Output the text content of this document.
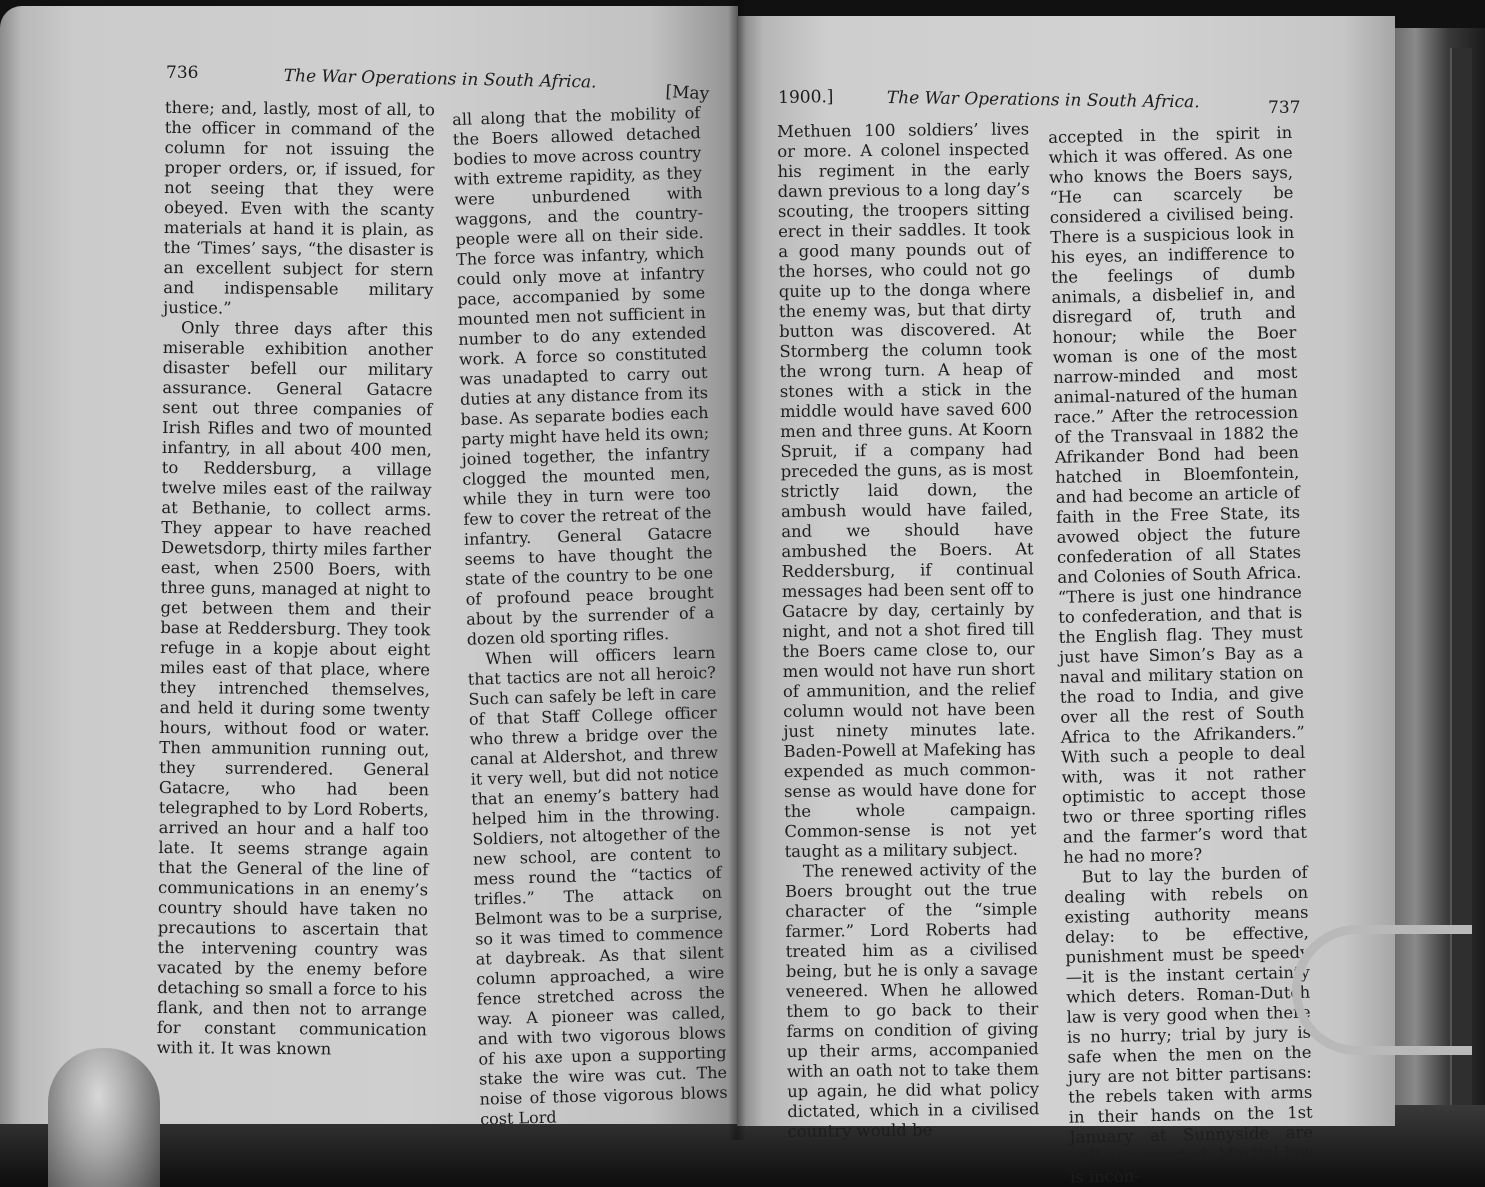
736	The War Operations in South Africa.
[May

there; and, lastly, most of all, to the officer in command of the column for not issuing the proper orders, or, if issued, for not seeing that they were obeyed. Even with the scanty materials at hand it is plain, as the ‘Times’ says, “the disaster is an excellent subject for stern and indispensable military justice.”

Only three days after this miserable exhibition another disaster befell our military assurance. General Gatacre sent out three companies of Irish Rifles and two of mounted infantry, in all about 400 men, to Reddersburg, a village twelve miles east of the railway at Bethanie, to collect arms. They appear to have reached Dewetsdorp, thirty miles farther east, when 2500 Boers, with three guns, managed at night to get between them and their base at Reddersburg. They took refuge in a kopje about eight miles east of that place, where they intrenched themselves, and held it during some twenty hours, without food or water. Then ammunition running out, they surrendered. General Gatacre, who had been telegraphed to by Lord Roberts, arrived an hour and a half too late. It seems strange again that the General of the line of communications in an enemy’s country should have taken no precautions to ascertain that the intervening country was vacated by the enemy before detaching so small a force to his flank, and then not to arrange for constant communication with it. It was known

all along that the mobility of the Boers allowed detached bodies to move across country with extreme rapidity, as they were unburdened with waggons, and the country-people were all on their side. The force was infantry, which could only move at infantry pace, accompanied by some mounted men not sufficient in number to do any extended work. A force so constituted was unadapted to carry out duties at any distance from its base. As separate bodies each party might have held its own; joined together, the infantry clogged the mounted men, while they in turn were too few to cover the retreat of the infantry. General Gatacre seems to have thought the state of the country to be one of profound peace brought about by the surrender of a dozen old sporting rifles.

When will officers learn that tactics are not all heroic? Such can safely be left in care of that Staff College officer who threw a bridge over the canal at Aldershot, and threw it very well, but did not notice that an enemy’s battery had helped him in the throwing. Soldiers, not altogether of the new school, are content to mess round the “tactics of trifles.” The attack on Belmont was to be a surprise, so it was timed to commence at daybreak. As that silent column approached, a wire fence stretched across the way. A pioneer was called, and with two vigorous blows of his axe upon a supporting stake the wire was cut. The noise of those vigorous blows cost Lord

1900.]	The War Operations in South Africa.	737

Methuen 100 soldiers’ lives or more. A colonel inspected his regiment in the early dawn previous to a long day’s scouting, the troopers sitting erect in their saddles. It took a good many pounds out of the horses, who could not go quite up to the donga where the enemy was, but that dirty button was discovered. At Stormberg the column took the wrong turn. A heap of stones with a stick in the middle would have saved 600 men and three guns. At Koorn Spruit, if a company had preceded the guns, as is most strictly laid down, the ambush would have failed, and we should have ambushed the Boers. At Reddersburg, if continual messages had been sent off to Gatacre by day, certainly by night, and not a shot fired till the Boers came close to, our men would not have run short of ammunition, and the relief column would not have been just ninety minutes late. Baden-Powell at Mafeking has expended as much common-sense as would have done for the whole campaign. Common-sense is not yet taught as a military subject.

The renewed activity of the Boers brought out the true character of the “simple farmer.” Lord Roberts had treated him as a civilised being, but he is only a savage veneered. When he allowed them to go back to their farms on condition of giving up their arms, accompanied with an oath not to take them up again, he did what policy dictated, which in a civilised country would be

accepted in the spirit in which it was offered. As one who knows the Boers says, “He can scarcely be considered a civilised being. There is a suspicious look in his eyes, an indifference to the feelings of dumb animals, a disbelief in, and disregard of, truth and honour; while the Boer woman is one of the most narrow-minded and most animal-natured of the human race.” After the retrocession of the Transvaal in 1882 the Afrikander Bond had been hatched in Bloemfontein, and had become an article of faith in the Free State, its avowed object the future confederation of all States and Colonies of South Africa. “There is just one hindrance to confederation, and that is the English flag. They must just have Simon’s Bay as a naval and military station on the road to India, and give over all the rest of South Africa to the Afrikanders.” With such a people to deal with, was it not rather optimistic to accept those two or three sporting rifles and the farmer’s word that he had no more?

But to lay the burden of dealing with rebels on existing authority means delay: to be effective, punishment must be speedy—it is the instant certainty which deters. Roman-Dutch law is very good when there is no hurry; trial by jury is safe when the men on the jury are not bitter partisans: the rebels taken with arms in their hands on the 1st January at Sunnyside are still unconvicted. Martial law is incon-
